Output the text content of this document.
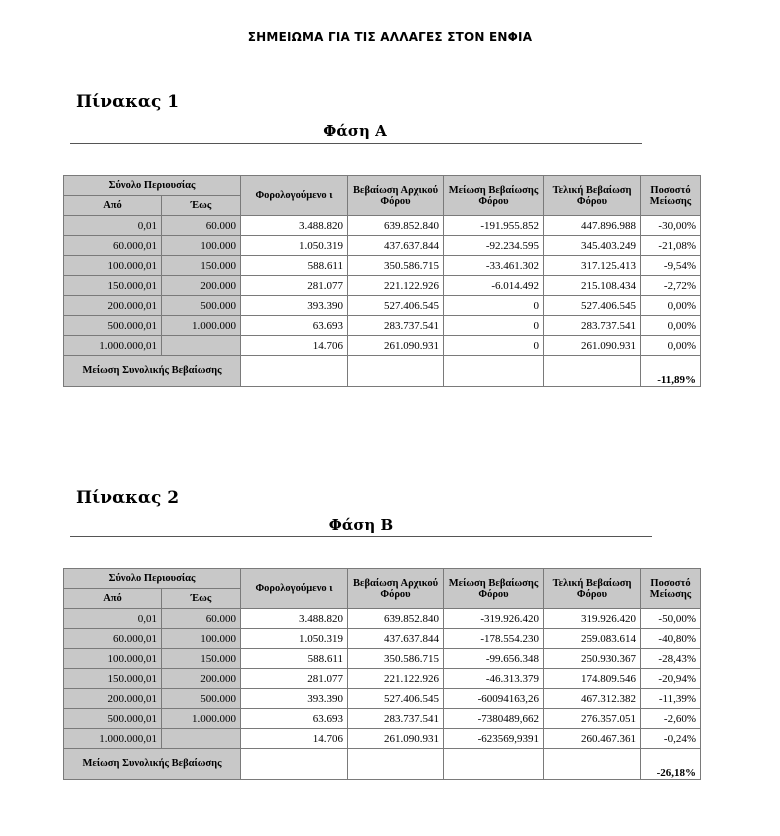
ΣΗΜΕΙΩΜΑ ΓΙΑ ΤΙΣ ΑΛΛΑΓΕΣ ΣΤΟΝ ΕΝΦΙΑ
Πίνακας 1
Φάση Α
Σύνολο Περιουσίας		Φορολογούμενο ι	Βεβαίωση Αρχικού Φόρου	Μείωση Βεβαίωσης Φόρου	Τελική Βεβαίωση Φόρου	Ποσοστό Μείωσης
Από	Έως					
0,01	60.000	3.488.820	639.852.840	-191.955.852	447.896.988	-30,00%
60.000,01	100.000	1.050.319	437.637.844	-92.234.595	345.403.249	-21,08%
100.000,01	150.000	588.611	350.586.715	-33.461.302	317.125.413	-9,54%
150.000,01	200.000	281.077	221.122.926	-6.014.492	215.108.434	-2,72%
200.000,01	500.000	393.390	527.406.545	0	527.406.545	0,00%
500.000,01	1.000.000	63.693	283.737.541	0	283.737.541	0,00%
1.000.000,01		14.706	261.090.931	0	261.090.931	0,00%
Μείωση Συνολικής Βεβαίωσης						-11,89%
Πίνακας 2
Φάση Β
Σύνολο Περιουσίας		Φορολογούμενο ι	Βεβαίωση Αρχικού Φόρου	Μείωση Βεβαίωσης Φόρου	Τελική Βεβαίωση Φόρου	Ποσοστό Μείωσης
Από	Έως					
0,01	60.000	3.488.820	639.852.840	-319.926.420	319.926.420	-50,00%
60.000,01	100.000	1.050.319	437.637.844	-178.554.230	259.083.614	-40,80%
100.000,01	150.000	588.611	350.586.715	-99.656.348	250.930.367	-28,43%
150.000,01	200.000	281.077	221.122.926	-46.313.379	174.809.546	-20,94%
200.000,01	500.000	393.390	527.406.545	-60094163,26	467.312.382	-11,39%
500.000,01	1.000.000	63.693	283.737.541	-7380489,662	276.357.051	-2,60%
1.000.000,01		14.706	261.090.931	-623569,9391	260.467.361	-0,24%
Μείωση Συνολικής Βεβαίωσης						-26,18%
